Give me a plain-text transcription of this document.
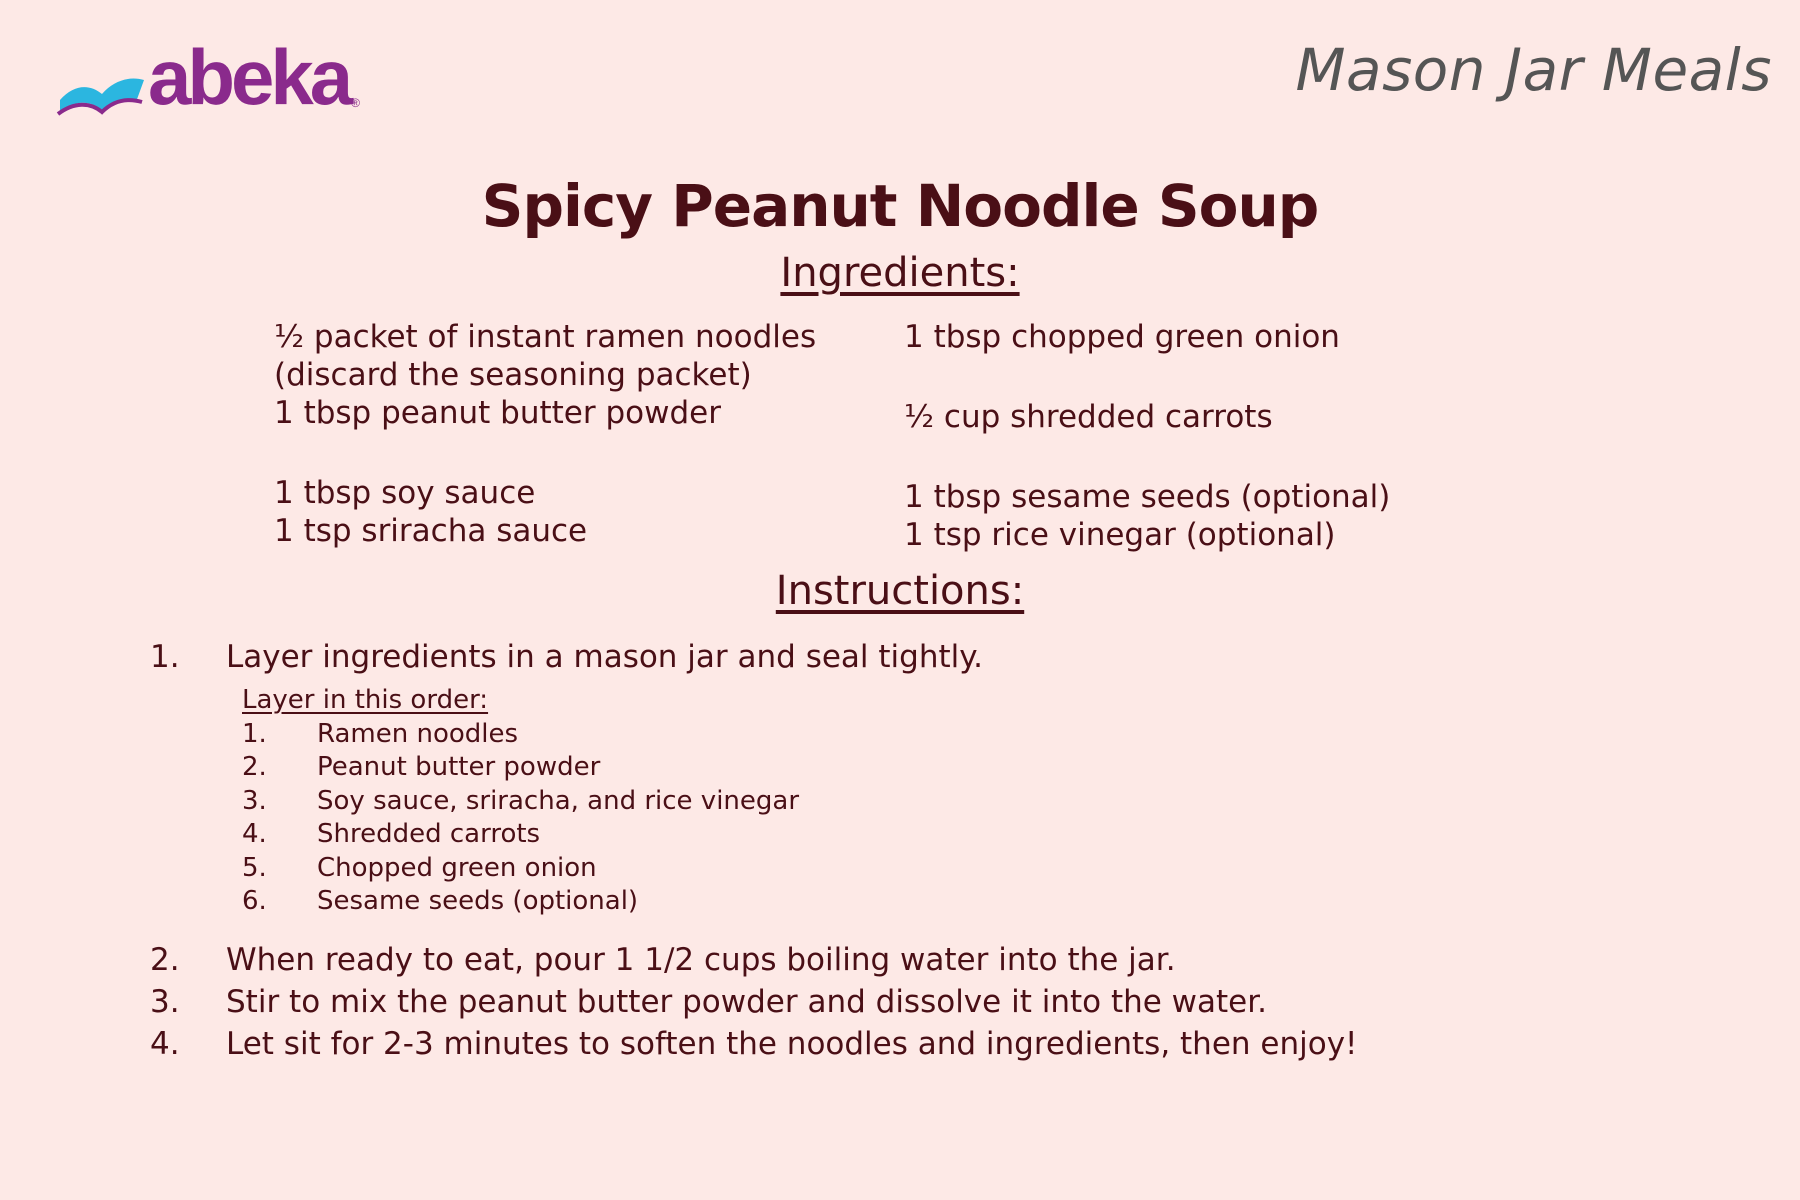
abeka ®	Mason Jar Meals
Spicy Peanut Noodle Soup
Ingredients:

½ packet of instant ramen noodles

(discard the seasoning packet)

1 tbsp peanut butter powder

1 tbsp soy sauce

1 tsp sriracha sauce

1 tbsp chopped green onion

½ cup shredded carrots

1 tbsp sesame seeds (optional)

1 tsp rice vinegar (optional)

Instructions:
1.	Layer ingredients in a mason jar and seal tightly.
Layer in this order:
1.	Ramen noodles
2.	Peanut butter powder
3.	Soy sauce, sriracha, and rice vinegar
4.	Shredded carrots
5.	Chopped green onion
6.	Sesame seeds (optional)
2.	When ready to eat, pour 1 1/2 cups boiling water into the jar.
3.	Stir to mix the peanut butter powder and dissolve it into the water.
4.	Let sit for 2-3 minutes to soften the noodles and ingredients, then enjoy!
